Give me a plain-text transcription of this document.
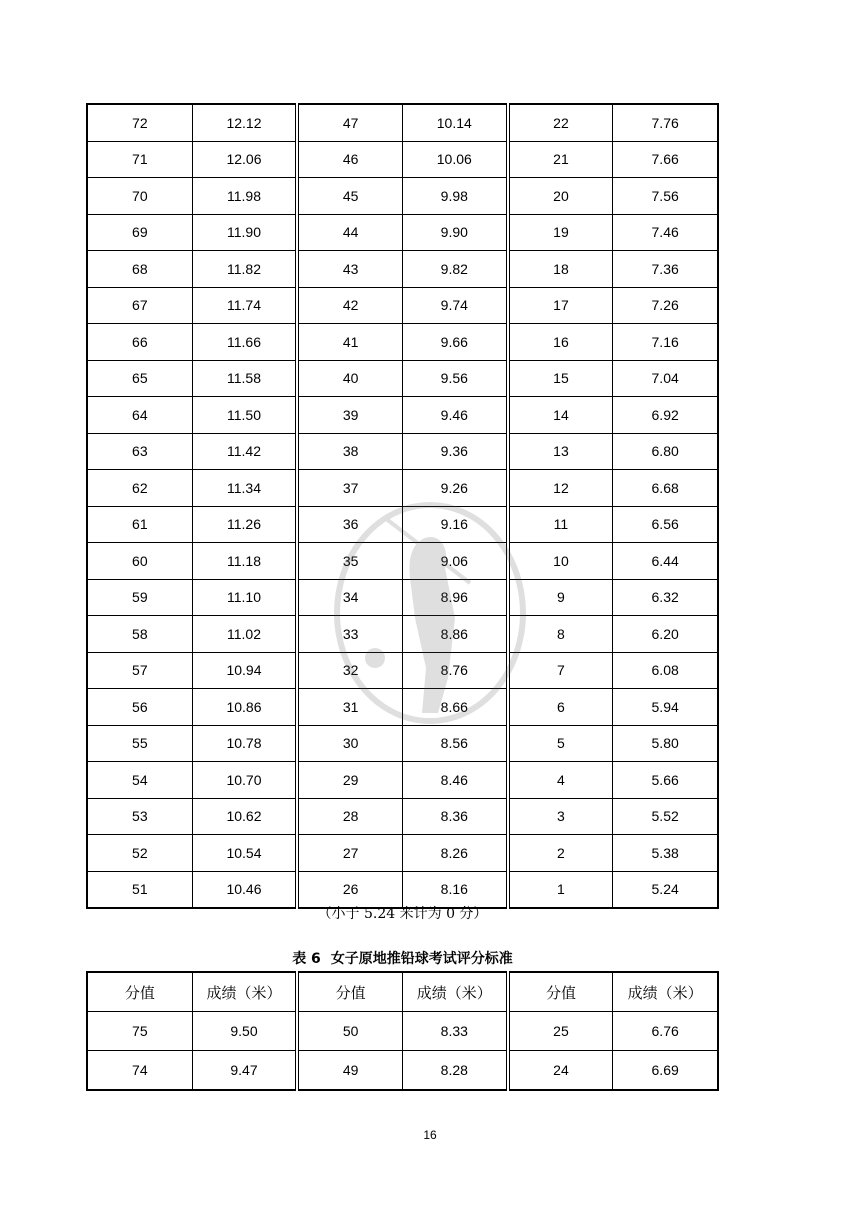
72	12.12	47	10.14	22	7.76
71	12.06	46	10.06	21	7.66
70	11.98	45	9.98	20	7.56
69	11.90	44	9.90	19	7.46
68	11.82	43	9.82	18	7.36
67	11.74	42	9.74	17	7.26
66	11.66	41	9.66	16	7.16
65	11.58	40	9.56	15	7.04
64	11.50	39	9.46	14	6.92
63	11.42	38	9.36	13	6.80
62	11.34	37	9.26	12	6.68
61	11.26	36	9.16	11	6.56
60	11.18	35	9.06	10	6.44
59	11.10	34	8.96	9	6.32
58	11.02	33	8.86	8	6.20
57	10.94	32	8.76	7	6.08
56	10.86	31	8.66	6	5.94
55	10.78	30	8.56	5	5.80
54	10.70	29	8.46	4	5.66
53	10.62	28	8.36	3	5.52
52	10.54	27	8.26	2	5.38
51	10.46	26	8.16	1	5.24
（小于 5.24 米计为 0 分）
表 6 女子原地推铅球考试评分标准
分值	成绩（米）	分值	成绩（米）	分值	成绩（米）
75	9.50	50	8.33	25	6.76
74	9.47	49	8.28	24	6.69
16
